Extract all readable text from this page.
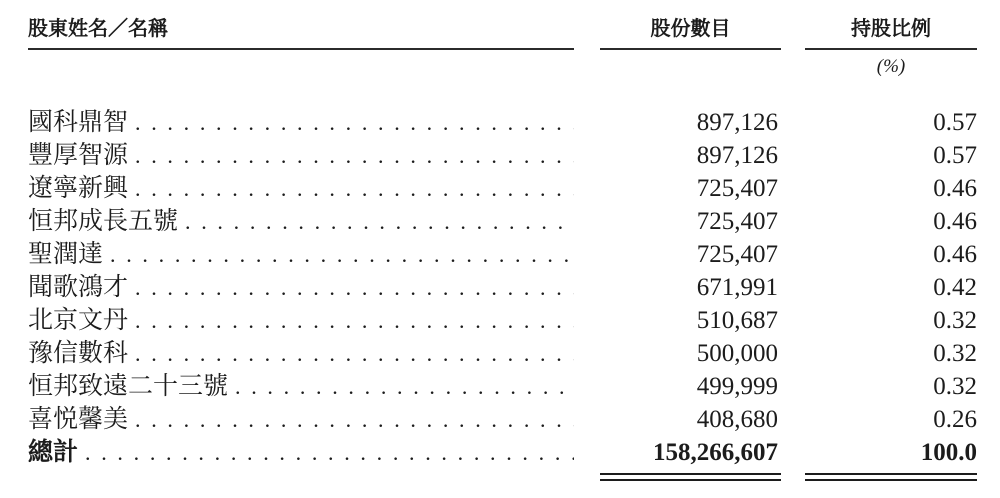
股東姓名／名稱	股份數目	持股比例
(%)
國科鼎智 . . .	897,126	0.57
豐厚智源 . . .	897,126	0.57
遼寧新興 . . .	725,407	0.46
恒邦成長五號 . . .	725,407	0.46
聖潤達 . . .	725,407	0.46
聞歌鴻才 . . .	671,991	0.42
北京文丹 . . .	510,687	0.32
豫信數科 . . .	500,000	0.32
恒邦致遠二十三號 . . .	499,999	0.32
喜悦馨美 . . .	408,680	0.26
總計 . . .	158,266,607	100.0
